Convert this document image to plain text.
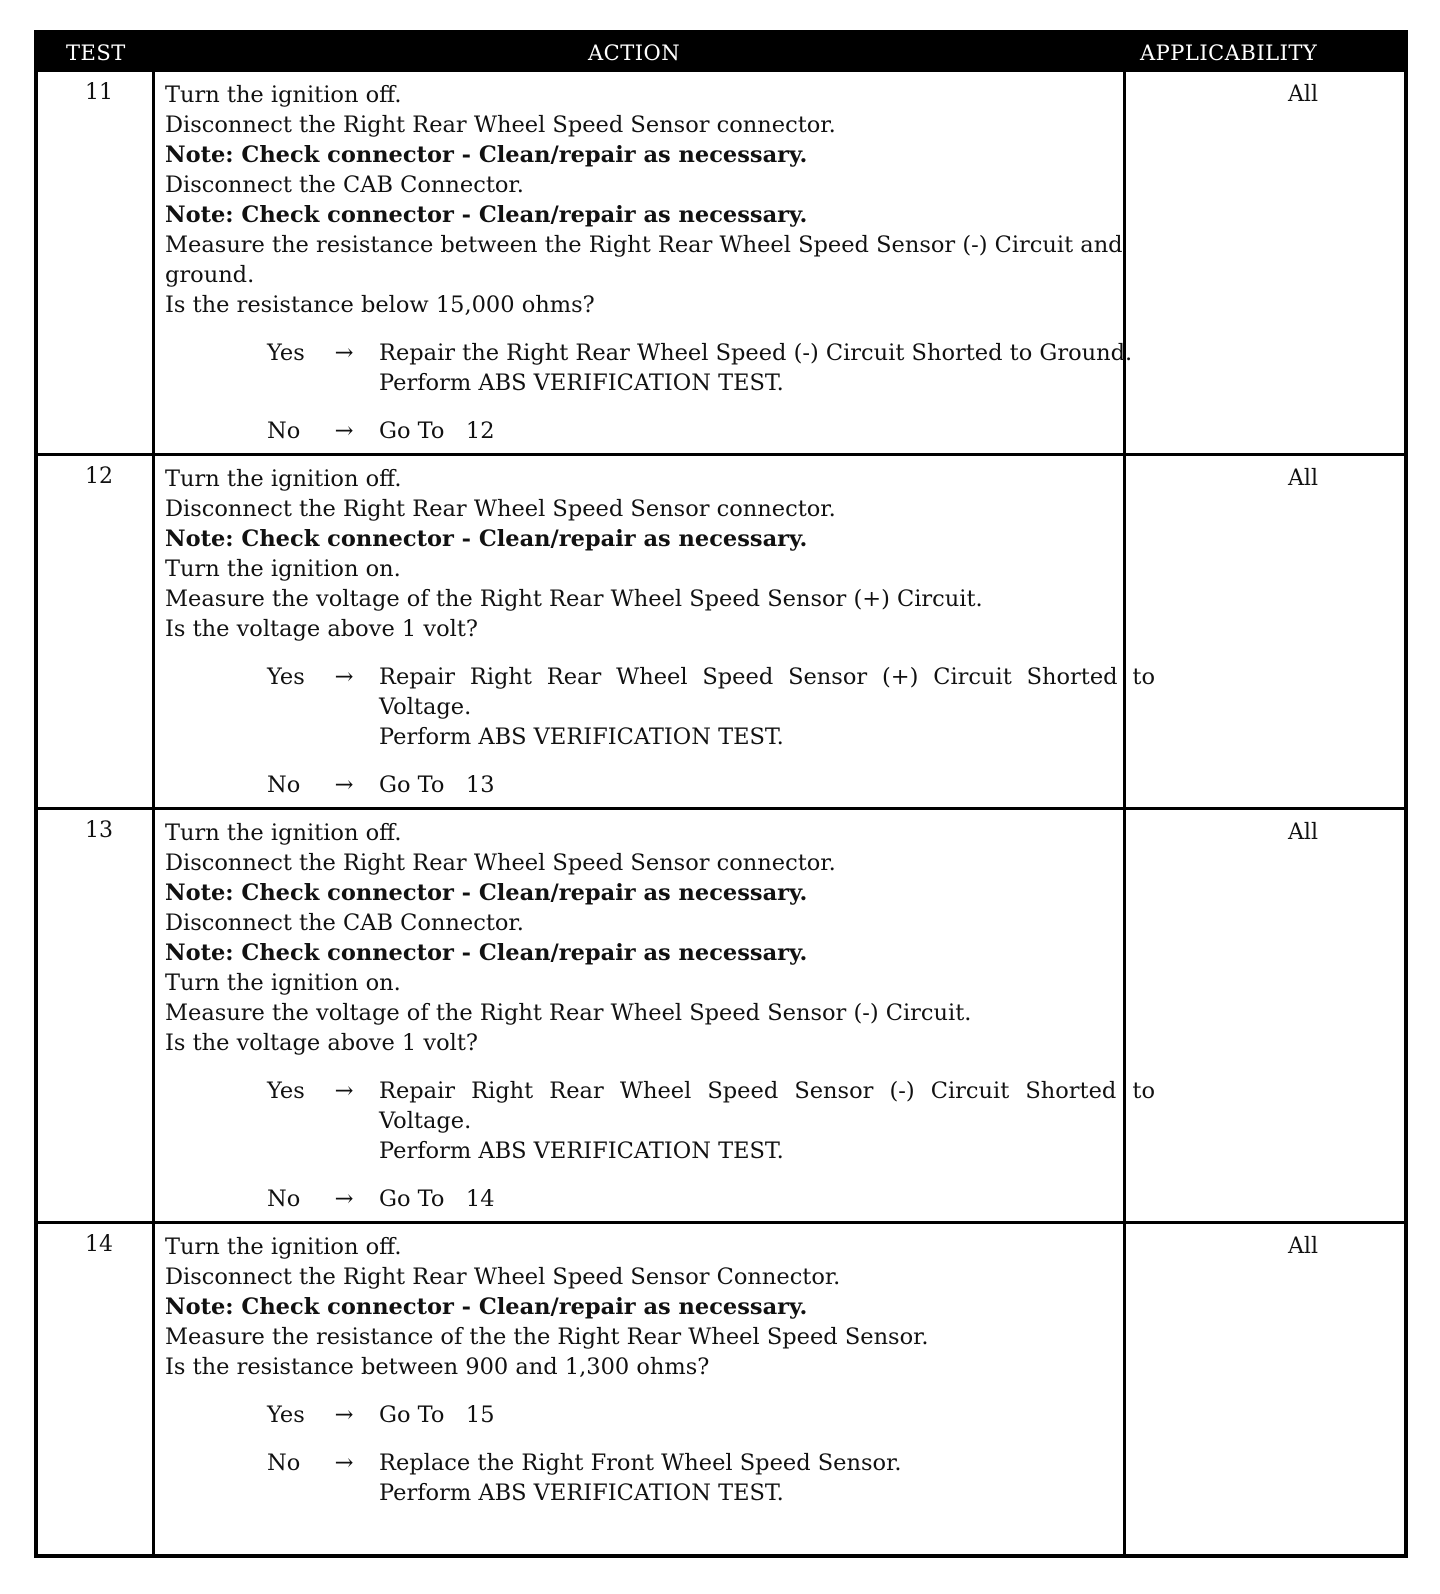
TEST	ACTION	APPLICABILITY
11	Turn the ignition off.
Disconnect the Right Rear Wheel Speed Sensor connector.
Note: Check connector - Clean/repair as necessary.
Disconnect the CAB Connector.
Note: Check connector - Clean/repair as necessary.
Measure the resistance between the Right Rear Wheel Speed Sensor (-) Circuit and ground.
Is the resistance below 15,000 ohms?
Yes	→ Repair the Right Rear Wheel Speed (-) Circuit Shorted to Ground.
Perform ABS VERIFICATION TEST.
No	→ Go To   12
All
12	Turn the ignition off.
Disconnect the Right Rear Wheel Speed Sensor connector.
Note: Check connector - Clean/repair as necessary.
Turn the ignition on.
Measure the voltage of the Right Rear Wheel Speed Sensor (+) Circuit.
Is the voltage above 1 volt?
Yes	→ Repair Right Rear Wheel Speed Sensor (+) Circuit Shorted to Voltage.
Perform ABS VERIFICATION TEST.
No	→ Go To   13
All
13	Turn the ignition off.
Disconnect the Right Rear Wheel Speed Sensor connector.
Note: Check connector - Clean/repair as necessary.
Disconnect the CAB Connector.
Note: Check connector - Clean/repair as necessary.
Turn the ignition on.
Measure the voltage of the Right Rear Wheel Speed Sensor (-) Circuit.
Is the voltage above 1 volt?
Yes	→ Repair Right Rear Wheel Speed Sensor (-) Circuit Shorted to Voltage.
Perform ABS VERIFICATION TEST.
No	→ Go To   14
All
14	Turn the ignition off.
Disconnect the Right Rear Wheel Speed Sensor Connector.
Note: Check connector - Clean/repair as necessary.
Measure the resistance of the the Right Rear Wheel Speed Sensor.
Is the resistance between 900 and 1,300 ohms?
Yes	→ Go To   15
No	→ Replace the Right Front Wheel Speed Sensor.
Perform ABS VERIFICATION TEST.
All
